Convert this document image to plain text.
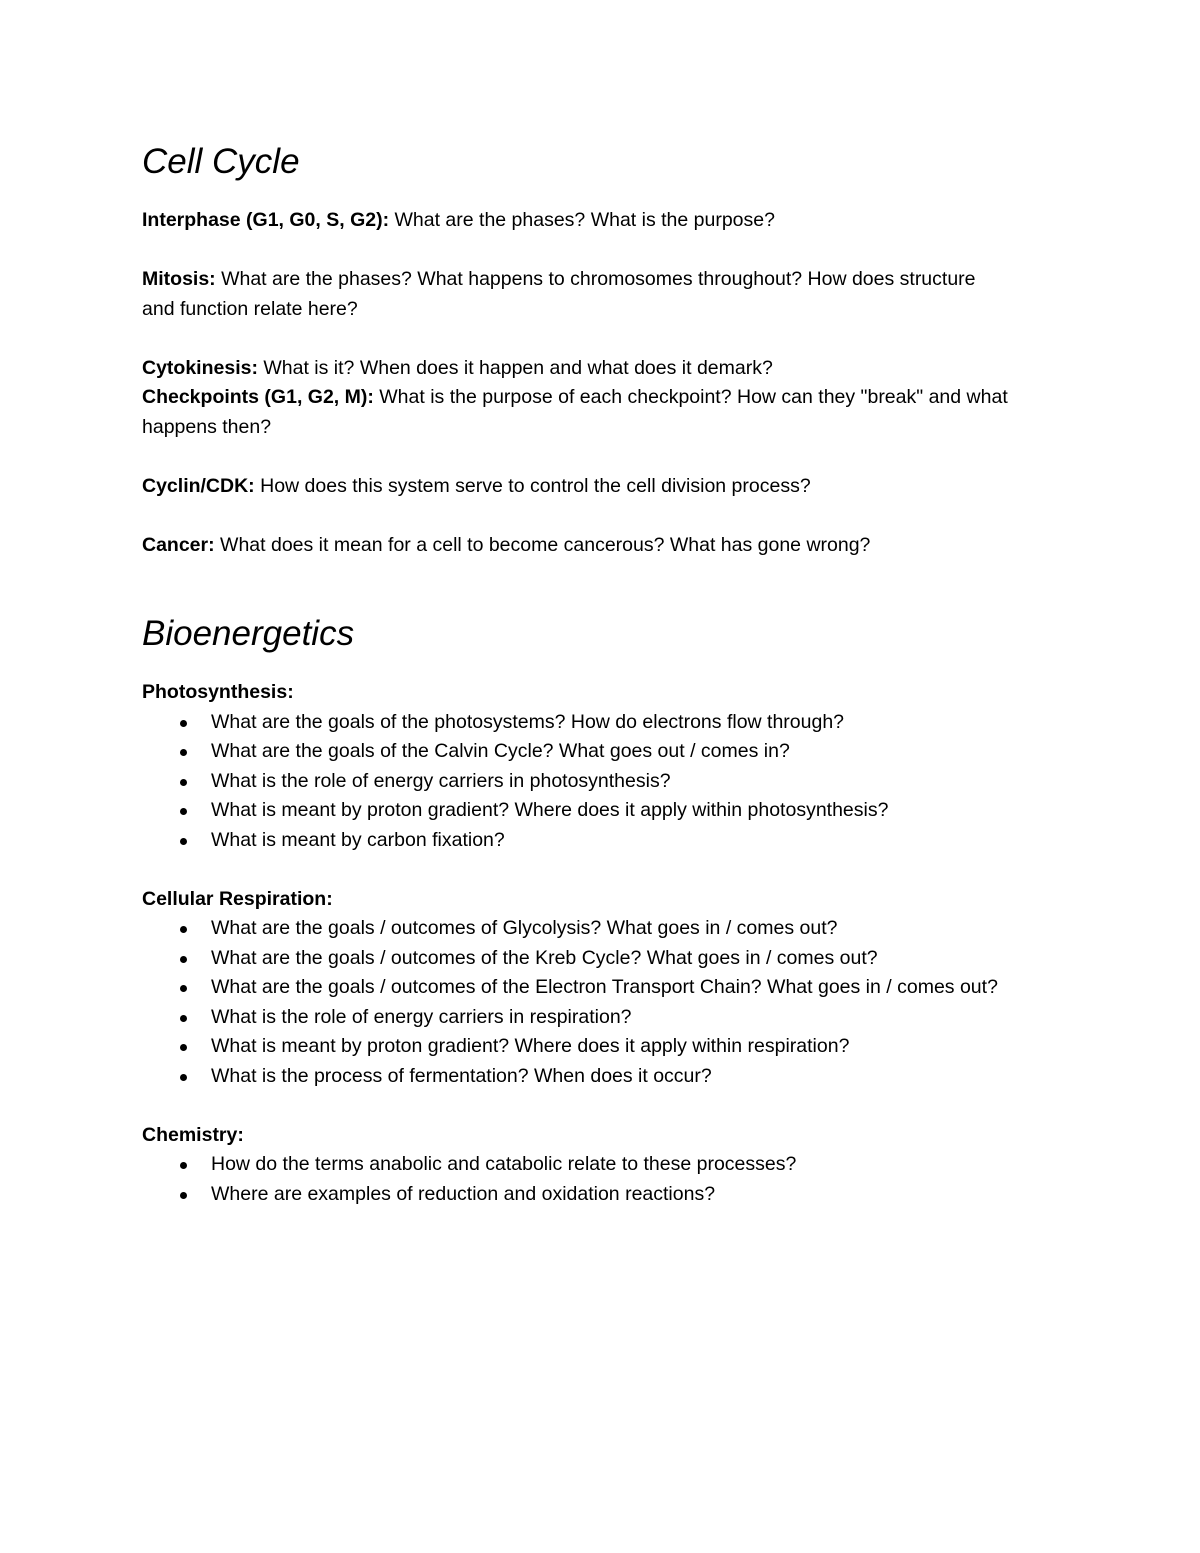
Cell Cycle

Interphase (G1, G0, S, G2): What are the phases? What is the purpose?

Mitosis: What are the phases? What happens to chromosomes throughout? How does structure and function relate here?

Cytokinesis: What is it? When does it happen and what does it demark?

Checkpoints (G1, G2, M): What is the purpose of each checkpoint? How can they "break" and what happens then?

Cyclin/CDK: How does this system serve to control the cell division process?

Cancer: What does it mean for a cell to become cancerous? What has gone wrong?

Bioenergetics

Photosynthesis:

What are the goals of the photosystems? How do electrons flow through?
What are the goals of the Calvin Cycle? What goes out / comes in?
What is the role of energy carriers in photosynthesis?
What is meant by proton gradient? Where does it apply within photosynthesis?
What is meant by carbon fixation?

Cellular Respiration:

What are the goals / outcomes of Glycolysis? What goes in / comes out?
What are the goals / outcomes of the Kreb Cycle? What goes in / comes out?
What are the goals / outcomes of the Electron Transport Chain? What goes in / comes out?
What is the role of energy carriers in respiration?
What is meant by proton gradient? Where does it apply within respiration?
What is the process of fermentation? When does it occur?

Chemistry:

How do the terms anabolic and catabolic relate to these processes?
Where are examples of reduction and oxidation reactions?
